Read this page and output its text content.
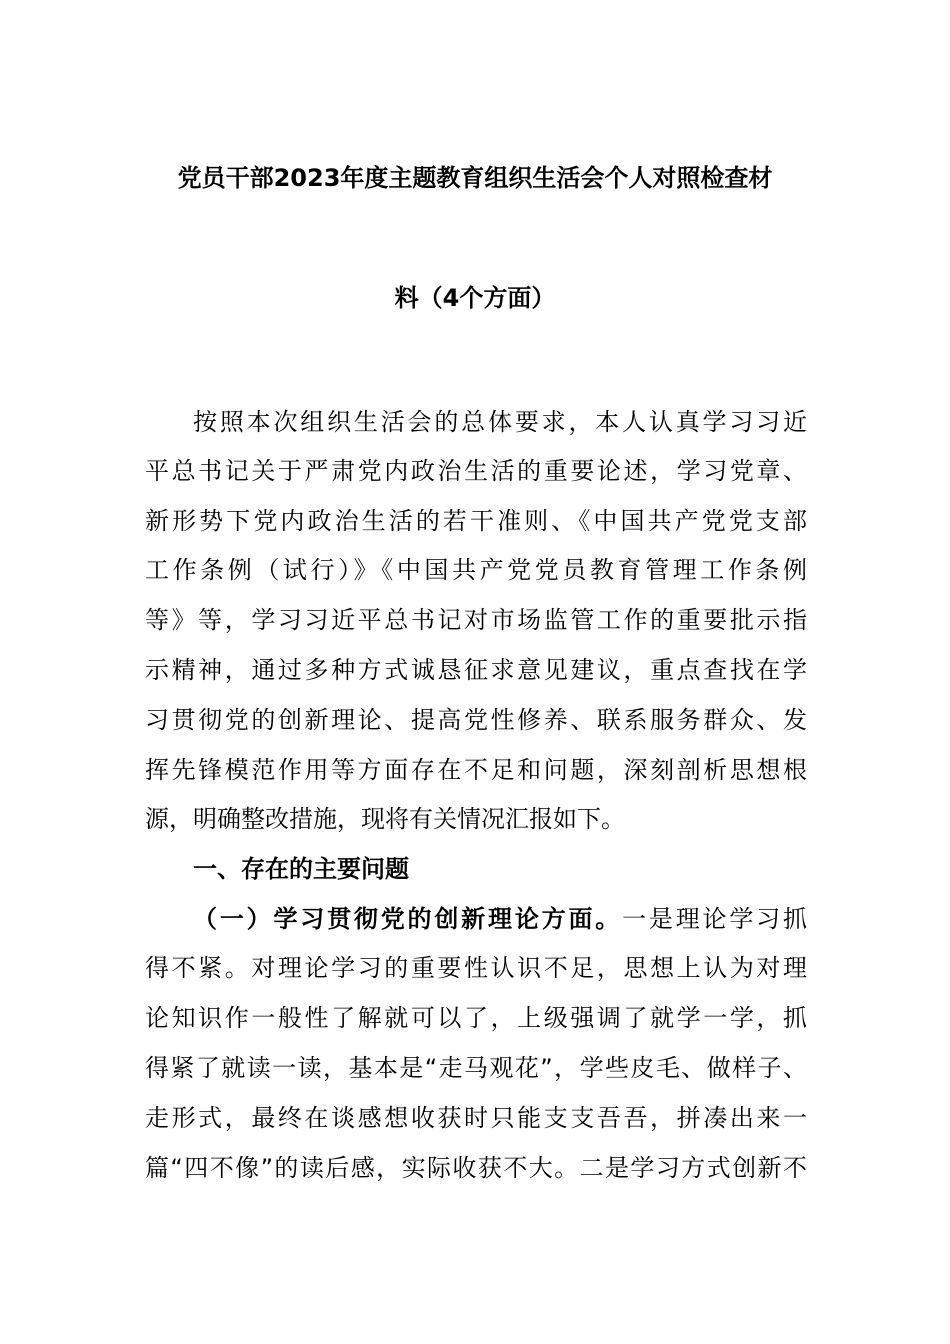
党员干部2023年度主题教育组织生活会个人对照检查材
料（4个方面）
按照本次组织生活会的总体要求，本人认真学习习近
平总书记关于严肃党内政治生活的重要论述，学习党章、
新形势下党内政治生活的若干准则、《中国共产党党支部
工作条例（试行）》《中国共产党党员教育管理工作条例
等》等，学习习近平总书记对市场监管工作的重要批示指
示精神，通过多种方式诚恳征求意见建议，重点查找在学
习贯彻党的创新理论、提高党性修养、联系服务群众、发
挥先锋模范作用等方面存在不足和问题，深刻剖析思想根
源，明确整改措施，现将有关情况汇报如下。
一、存在的主要问题
（一）学习贯彻党的创新理论方面。一是理论学习抓
得不紧。对理论学习的重要性认识不足，思想上认为对理
论知识作一般性了解就可以了，上级强调了就学一学，抓
得紧了就读一读，基本是“走马观花”，学些皮毛、做样子、
走形式，最终在谈感想收获时只能支支吾吾，拼凑出来一
篇“四不像”的读后感，实际收获不大。二是学习方式创新不
